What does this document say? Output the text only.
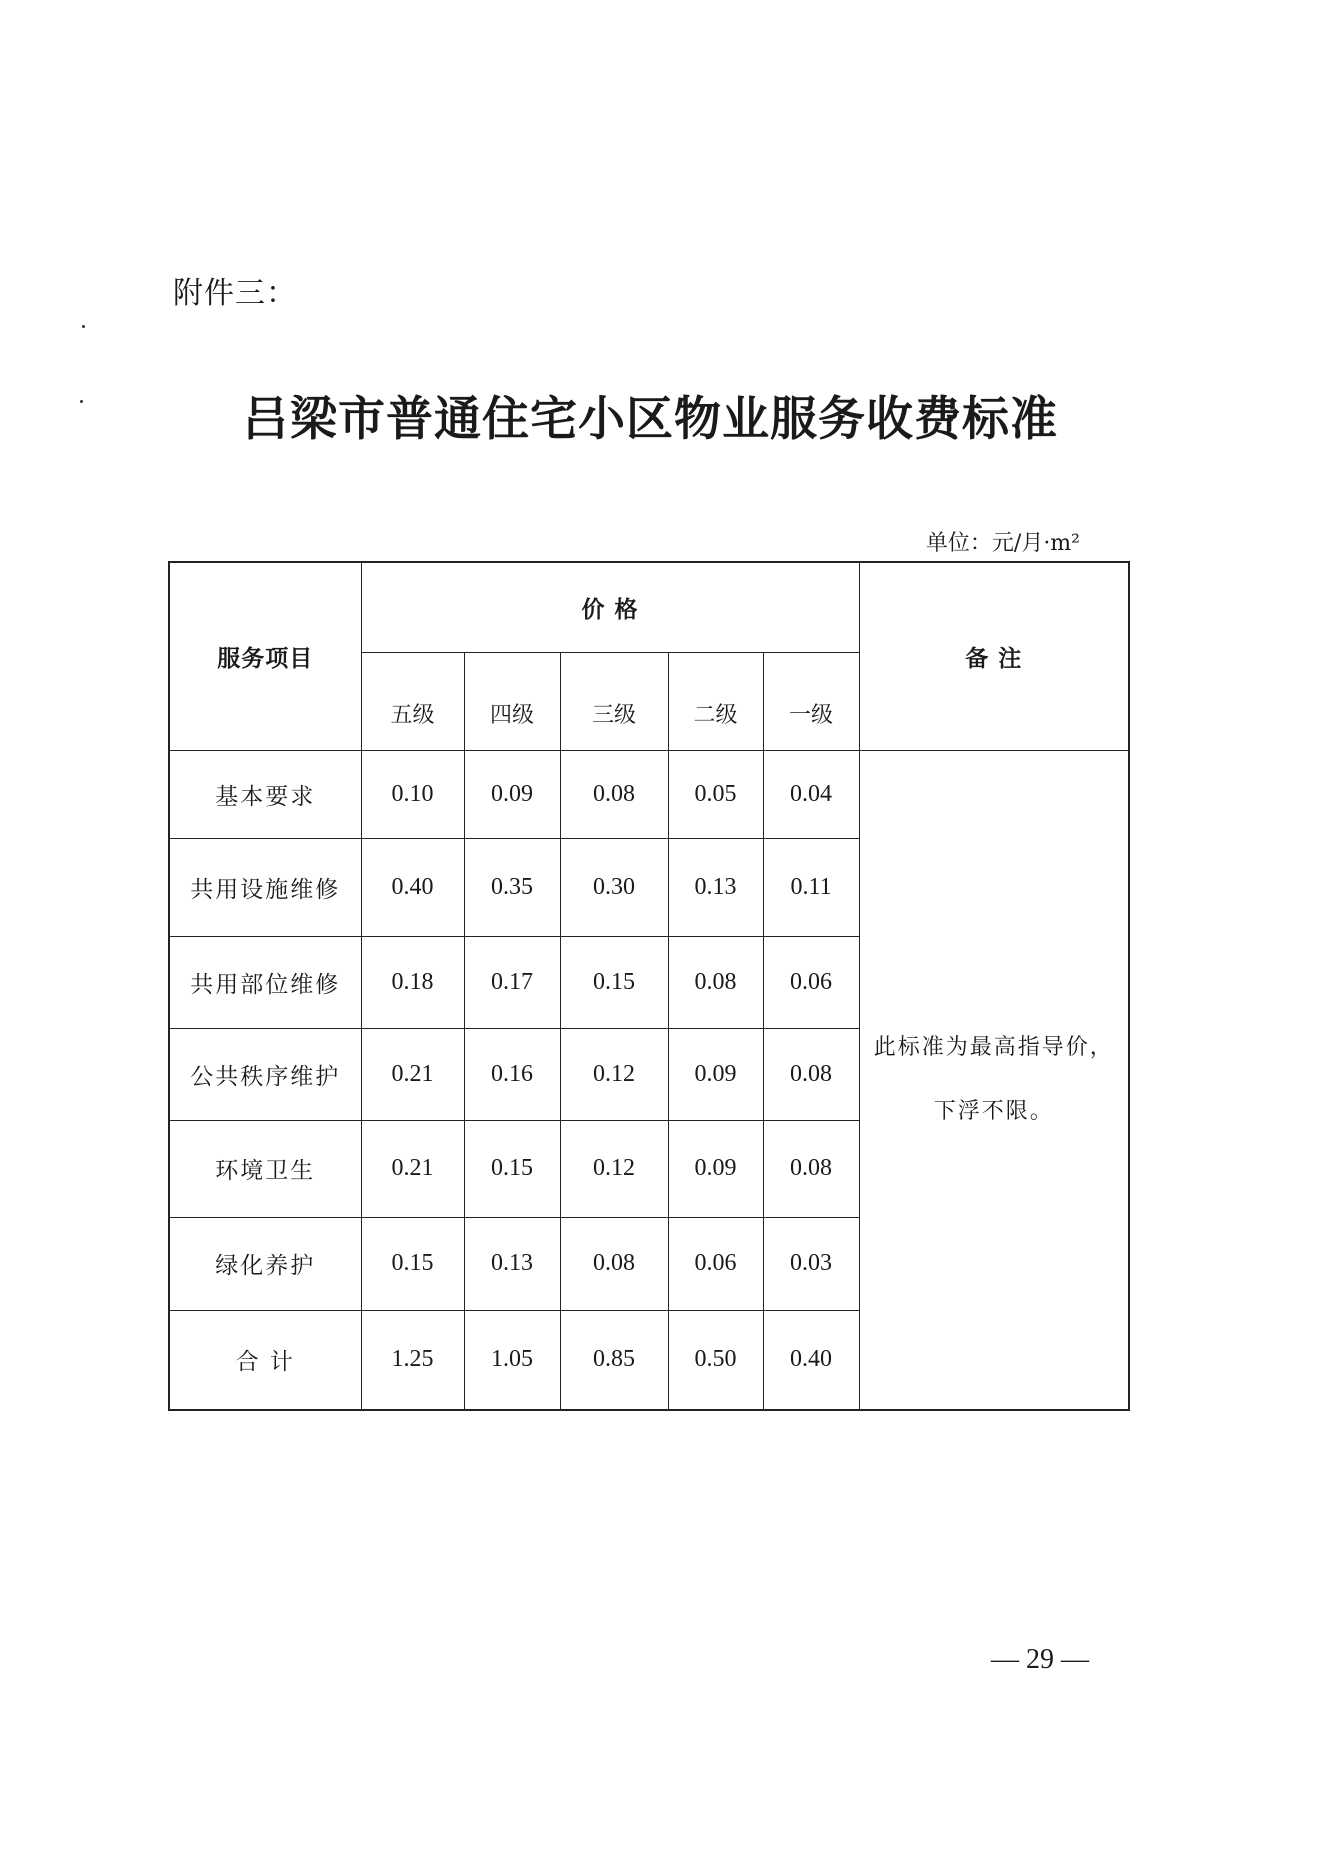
附件三：
吕梁市普通住宅小区物业服务收费标准
单位：元/月·m²
服务项目	价 格					备 注
	五级	四级	三级	二级	一级	
基本要求	0.10	0.09	0.08	0.05	0.04	此标准为最高指导价，
下浮不限。

共用设施维修	0.40	0.35	0.30	0.13	0.11	
共用部位维修	0.18	0.17	0.15	0.08	0.06	
公共秩序维护	0.21	0.16	0.12	0.09	0.08	
环境卫生	0.21	0.15	0.12	0.09	0.08	
绿化养护	0.15	0.13	0.08	0.06	0.03	
合 计	1.25	1.05	0.85	0.50	0.40	
— 29 —
